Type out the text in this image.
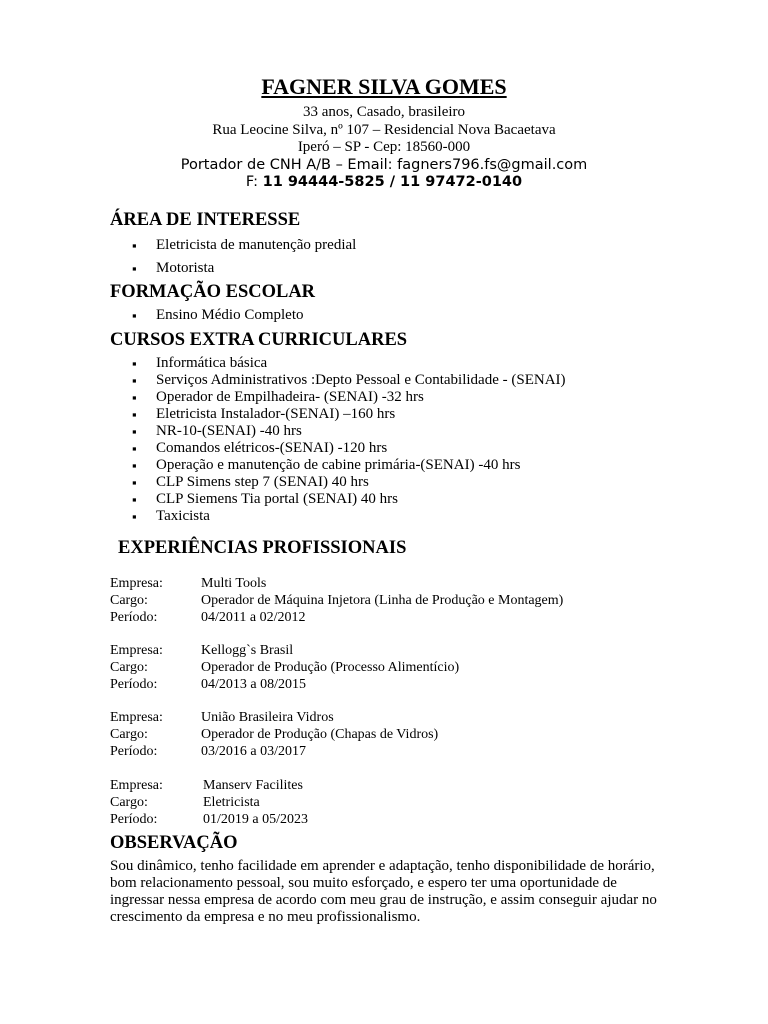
FAGNER SILVA GOMES

33 anos, Casado, brasileiro

Rua Leocine Silva, nº 107 – Residencial Nova Bacaetava

Iperó – SP - Cep: 18560-000

Portador de CNH A/B – Email: fagners796.fs@gmail.com

F: 11 94444-5825 / 11 97472-0140

ÁREA DE INTERESSE

▪ Eletricista de manutenção predial
▪ Motorista

FORMAÇÃO ESCOLAR

▪ Ensino Médio Completo

CURSOS EXTRA CURRICULARES

▪ Informática básica
▪ Serviços Administrativos :Depto Pessoal e Contabilidade - (SENAI)
▪ Operador de Empilhadeira- (SENAI) -32 hrs
▪ Eletricista Instalador-(SENAI) –160 hrs
▪ NR-10-(SENAI) -40 hrs
▪ Comandos elétricos-(SENAI) -120 hrs
▪ Operação e manutenção de cabine primária-(SENAI) -40 hrs
▪ CLP Simens step 7 (SENAI) 40 hrs
▪ CLP Siemens Tia portal (SENAI) 40 hrs
▪ Taxicista

EXPERIÊNCIAS PROFISSIONAIS

Empresa:	Multi Tools
Cargo:	Operador de Máquina Injetora (Linha de Produção e Montagem)
Período:	04/2011 a 02/2012
Empresa:	Kellogg`s Brasil
Cargo:	Operador de Produção (Processo Alimentício)
Período:	04/2013 a 08/2015
Empresa:	União Brasileira Vidros
Cargo:	Operador de Produção (Chapas de Vidros)
Período:	03/2016 a 03/2017
Empresa:	Manserv Facilites
Cargo:	Eletricista
Período:	01/2019 a 05/2023

OBSERVAÇÃO

Sou dinâmico, tenho facilidade em aprender e adaptação, tenho disponibilidade de horário, bom relacionamento pessoal, sou muito esforçado, e espero ter uma oportunidade de ingressar nessa empresa de acordo com meu grau de instrução, e assim conseguir ajudar no crescimento da empresa e no meu profissionalismo.
